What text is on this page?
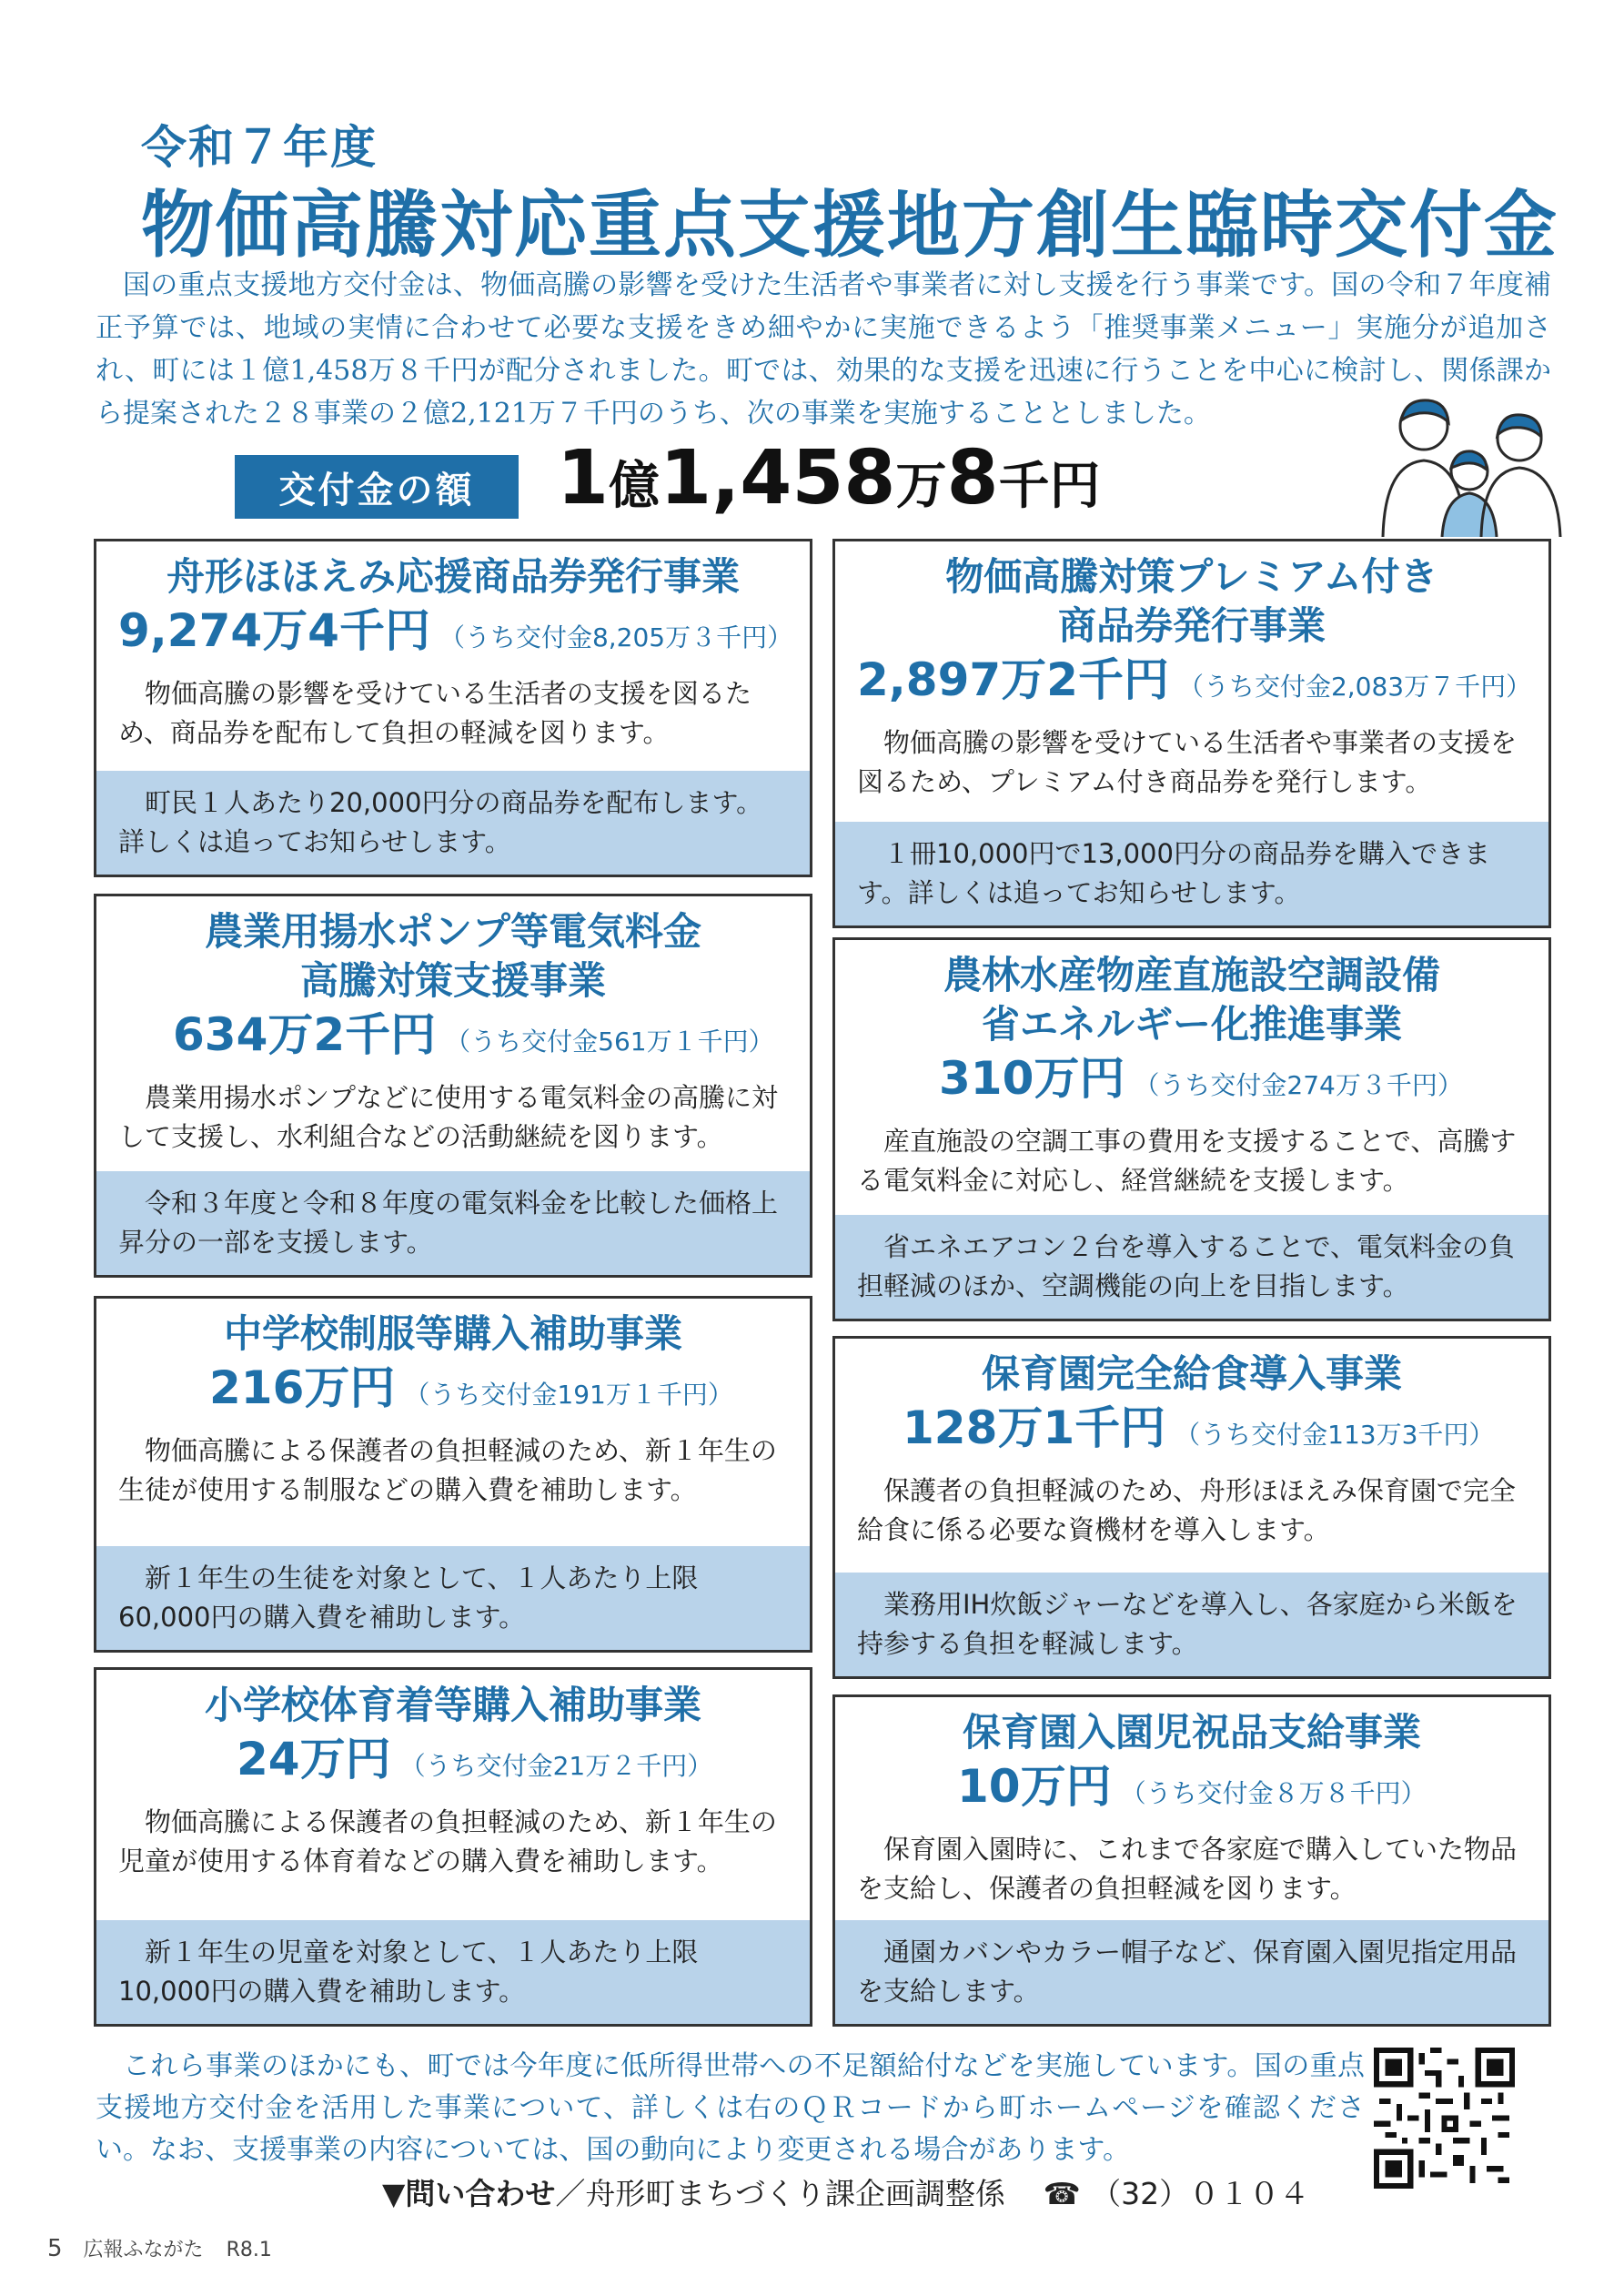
令和７年度
物価高騰対応重点支援地方創生臨時交付金
国の重点支援地方交付金は、物価高騰の影響を受けた生活者や事業者に対し支援を行う事業です。国の令和７年度補正予算では、地域の実情に合わせて必要な支援をきめ細やかに実施できるよう「推奨事業メニュー」実施分が追加され、町には１億1,458万８千円が配分されました。町では、効果的な支援を迅速に行うことを中心に検討し、関係課から提案された２８事業の２億2,121万７千円のうち、次の事業を実施することとしました。
交付金の額	1億1,458万8千円
舟形ほほえみ応援商品券発行事業
9,274万4千円 （うち交付金8,205万３千円）
物価高騰の影響を受けている生活者の支援を図るため、商品券を配布して負担の軽減を図ります。
町民１人あたり20,000円分の商品券を配布します。詳しくは追ってお知らせします。
農業用揚水ポンプ等電気料金
高騰対策支援事業
634万2千円 （うち交付金561万１千円）
農業用揚水ポンプなどに使用する電気料金の高騰に対して支援し、水利組合などの活動継続を図ります。
令和３年度と令和８年度の電気料金を比較した価格上昇分の一部を支援します。
中学校制服等購入補助事業
216万円 （うち交付金191万１千円）
物価高騰による保護者の負担軽減のため、新１年生の生徒が使用する制服などの購入費を補助します。
新１年生の生徒を対象として、１人あたり上限60,000円の購入費を補助します。
小学校体育着等購入補助事業
24万円 （うち交付金21万２千円）
物価高騰による保護者の負担軽減のため、新１年生の児童が使用する体育着などの購入費を補助します。
新１年生の児童を対象として、１人あたり上限10,000円の購入費を補助します。
物価高騰対策プレミアム付き
商品券発行事業
2,897万2千円 （うち交付金2,083万７千円）
物価高騰の影響を受けている生活者や事業者の支援を図るため、プレミアム付き商品券を発行します。
１冊10,000円で13,000円分の商品券を購入できます。詳しくは追ってお知らせします。
農林水産物産直施設空調設備
省エネルギー化推進事業
310万円 （うち交付金274万３千円）
産直施設の空調工事の費用を支援することで、高騰する電気料金に対応し、経営継続を支援します。
省エネエアコン２台を導入することで、電気料金の負担軽減のほか、空調機能の向上を目指します。
保育園完全給食導入事業
128万1千円 （うち交付金113万3千円）
保護者の負担軽減のため、舟形ほほえみ保育園で完全給食に係る必要な資機材を導入します。
業務用IH炊飯ジャーなどを導入し、各家庭から米飯を持参する負担を軽減します。
保育園入園児祝品支給事業
10万円 （うち交付金８万８千円）
保育園入園時に、これまで各家庭で購入していた物品を支給し、保護者の負担軽減を図ります。
通園カバンやカラー帽子など、保育園入園児指定用品を支給します。
これら事業のほかにも、町では今年度に低所得世帯への不足額給付などを実施しています。国の重点支援地方交付金を活用した事業について、詳しくは右のＱＲコードから町ホームページを確認ください。なお、支援事業の内容については、国の動向により変更される場合があります。
▼問い合わせ／舟形町まちづくり課企画調整係 ☎ （32）０１０４
5 広報ふながた R8.1
